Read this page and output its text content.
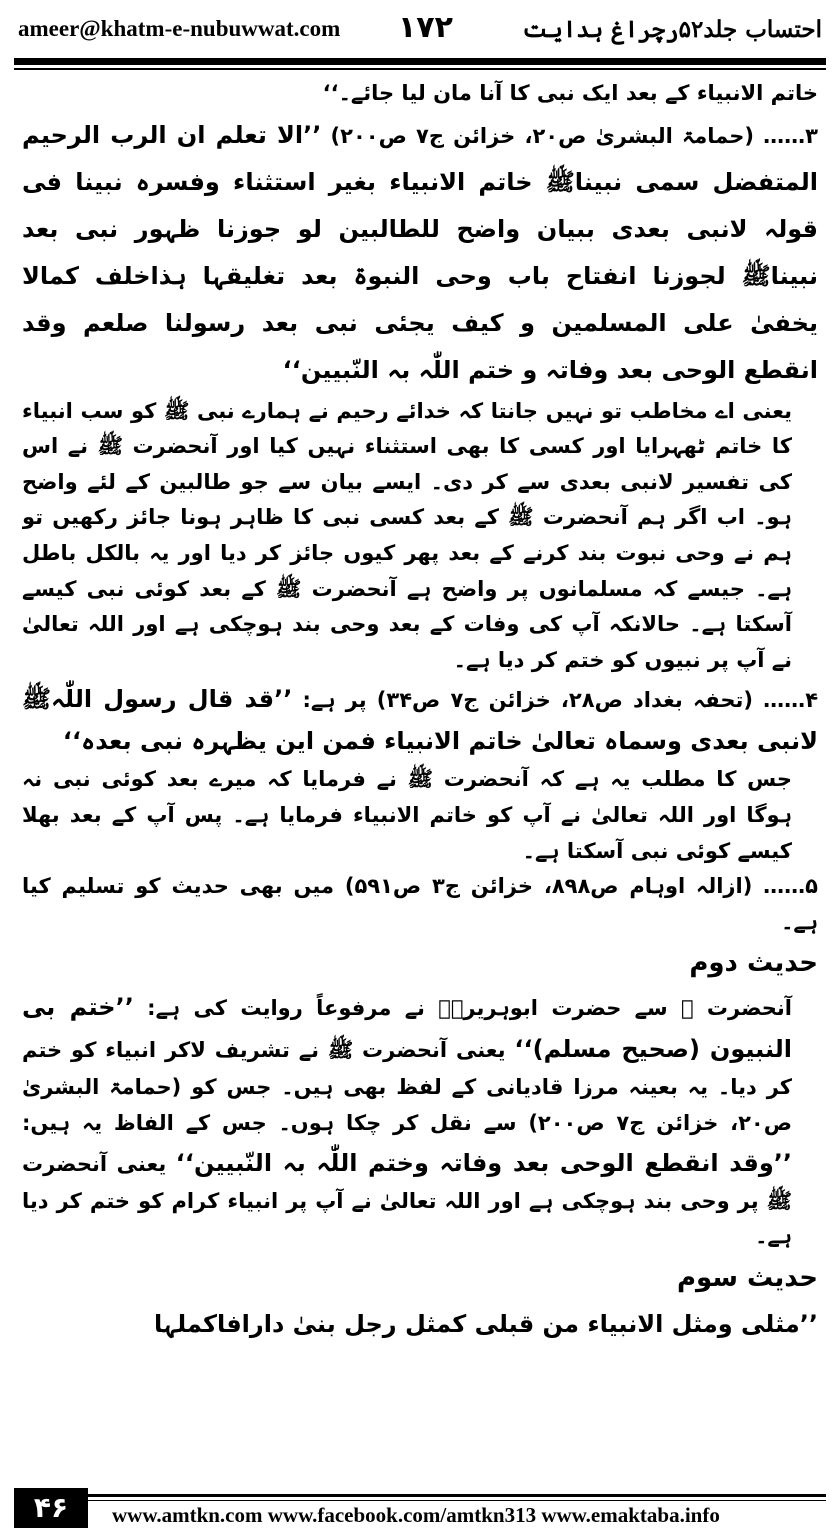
ameer@khatm-e-nubuwwat.com ۱۷۲	احتساب جلد۵۲رچراغ ہدایت

خاتم الانبیاء کے بعد ایک نبی کا آنا مان لیا جائے۔‘‘

۳…… (حمامۃ البشریٰ ص۲۰، خزائن ج۷ ص۲۰۰) ’’الا تعلم ان الرب الرحیم المتفضل سمی نبیناﷺ خاتم الانبیاء بغیر استثناء وفسرہ نبینا فی قولہ لانبی بعدی ببیان واضح للطالبین لو جوزنا ظہور نبی بعد نبیناﷺ لجوزنا انفتاح باب وحی النبوۃ بعد تغلیقہا ہذاخلف کمالا یخفیٰ علی المسلمین و کیف یجئی نبی بعد رسولنا صلعم وقد انقطع الوحی بعد وفاتہ و ختم اللّٰہ بہ النّبیین‘‘

یعنی اے مخاطب تو نہیں جانتا کہ خدائے رحیم نے ہمارے نبی ﷺ کو سب انبیاء کا خاتم ٹھہرایا اور کسی کا بھی استثناء نہیں کیا اور آنحضرت ﷺ نے اس کی تفسیر لانبی بعدی سے کر دی۔ ایسے بیان سے جو طالبین کے لئے واضح ہو۔ اب اگر ہم آنحضرت ﷺ کے بعد کسی نبی کا ظاہر ہونا جائز رکھیں تو ہم نے وحی نبوت بند کرنے کے بعد پھر کیوں جائز کر دیا اور یہ بالکل باطل ہے۔ جیسے کہ مسلمانوں پر واضح ہے آنحضرت ﷺ کے بعد کوئی نبی کیسے آسکتا ہے۔ حالانکہ آپ کی وفات کے بعد وحی بند ہوچکی ہے اور اللہ تعالیٰ نے آپ پر نبیوں کو ختم کر دیا ہے۔

۴…… (تحفہ بغداد ص۲۸، خزائن ج۷ ص۳۴) پر ہے: ’’قد قال رسول اللّٰہﷺ لانبی بعدی وسماہ تعالیٰ خاتم الانبیاء فمن این یظہرہ نبی بعدہ‘‘

جس کا مطلب یہ ہے کہ آنحضرت ﷺ نے فرمایا کہ میرے بعد کوئی نبی نہ ہوگا اور اللہ تعالیٰ نے آپ کو خاتم الانبیاء فرمایا ہے۔ پس آپ کے بعد بھلا کیسے کوئی نبی آسکتا ہے۔

۵…… (ازالہ اوہام ص۸۹۸، خزائن ج۳ ص۵۹۱) میں بھی حدیث کو تسلیم کیا ہے۔

حدیث دوم

آنحضرت ﷺ سے حضرت ابوہریرہؓ نے مرفوعاً روایت کی ہے: ’’ختم بی النبیون (صحیح مسلم)‘‘ یعنی آنحضرت ﷺ نے تشریف لاکر انبیاء کو ختم کر دیا۔ یہ بعینہ مرزا قادیانی کے لفظ بھی ہیں۔ جس کو (حمامۃ البشریٰ ص۲۰، خزائن ج۷ ص۲۰۰) سے نقل کر چکا ہوں۔ جس کے الفاظ یہ ہیں: ’’وقد انقطع الوحی بعد وفاتہ وختم اللّٰہ بہ النّبیین‘‘ یعنی آنحضرت ﷺ پر وحی بند ہوچکی ہے اور اللہ تعالیٰ نے آپ پر انبیاء کرام کو ختم کر دیا ہے۔

حدیث سوم

’’مثلی ومثل الانبیاء من قبلی کمثل رجل بنیٰ دارافاکملہا

۴۶	www.amtkn.com www.facebook.com/amtkn313 www.emaktaba.info
